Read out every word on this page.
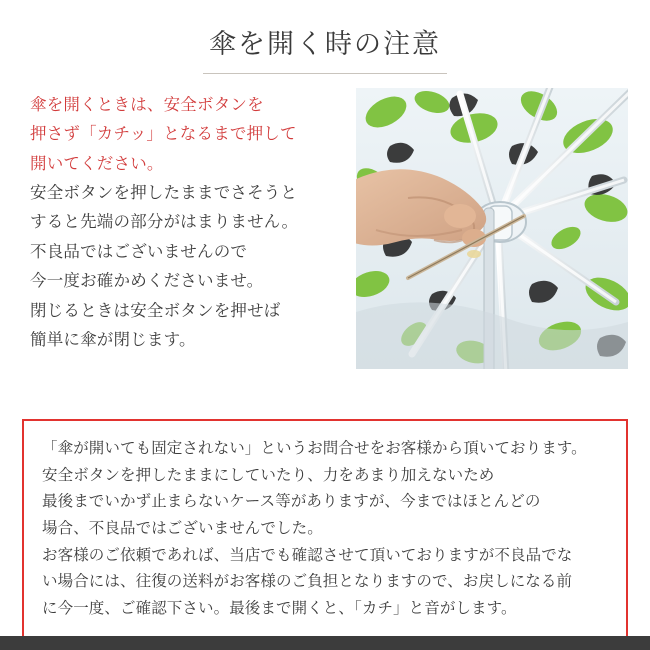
傘を開く時の注意

傘を開くときは、安全ボタンを

押さず「カチッ」となるまで押して

開いてください。

安全ボタンを押したままでさそうと

すると先端の部分がはまりません。

不良品ではございませんので

今一度お確かめくださいませ。

閉じるときは安全ボタンを押せば

簡単に傘が閉じます。

「傘が開いても固定されない」というお問合せをお客様から頂いております。

安全ボタンを押したままにしていたり、力をあまり加えないため

最後までいかず止まらないケース等がありますが、今まではほとんどの

場合、不良品ではございませんでした。

お客様のご依頼であれば、当店でも確認させて頂いておりますが不良品でな

い場合には、往復の送料がお客様のご負担となりますので、お戻しになる前

に今一度、ご確認下さい。最後まで開くと、「カチ」と音がします。
